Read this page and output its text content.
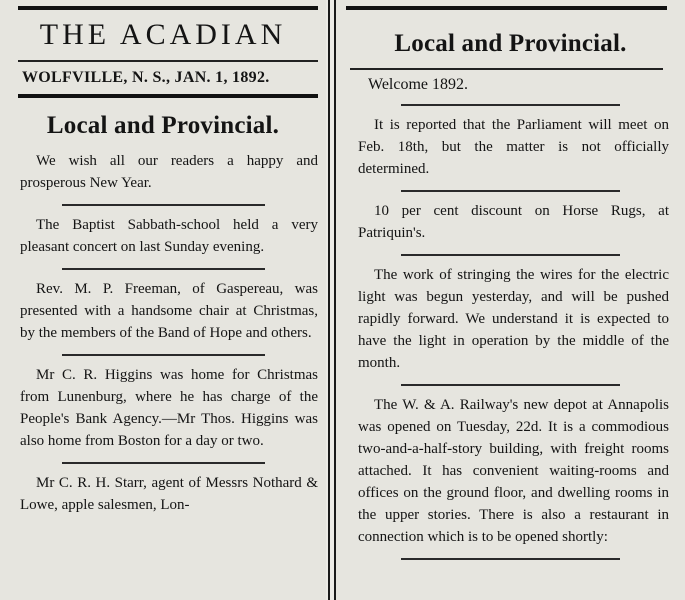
THE ACADIAN
WOLFVILLE, N. S., JAN. 1, 1892.
Local and Provincial.
We wish all our readers a happy and prosperous New Year.
The Baptist Sabbath-school held a very pleasant concert on last Sunday evening.
Rev. M. P. Freeman, of Gaspereau, was presented with a handsome chair at Christmas, by the members of the Band of Hope and others.
Mr C. R. Higgins was home for Christmas from Lunenburg, where he has charge of the People's Bank Agency.—Mr Thos. Higgins was also home from Boston for a day or two.
Mr C. R. H. Starr, agent of Messrs Nothard & Lowe, apple salesmen, Lon-
Local and Provincial.
Welcome 1892.
It is reported that the Parliament will meet on Feb. 18th, but the matter is not officially determined.
10 per cent discount on Horse Rugs, at Patriquin's.
The work of stringing the wires for the electric light was begun yesterday, and will be pushed rapidly forward. We understand it is expected to have the light in operation by the middle of the month.
The W. & A. Railway's new depot at Annapolis was opened on Tuesday, 22d. It is a commodious two-and-a-half-story building, with freight rooms attached. It has convenient waiting-rooms and offices on the ground floor, and dwelling rooms in the upper stories. There is also a restaurant in connection which is to be opened shortly:
